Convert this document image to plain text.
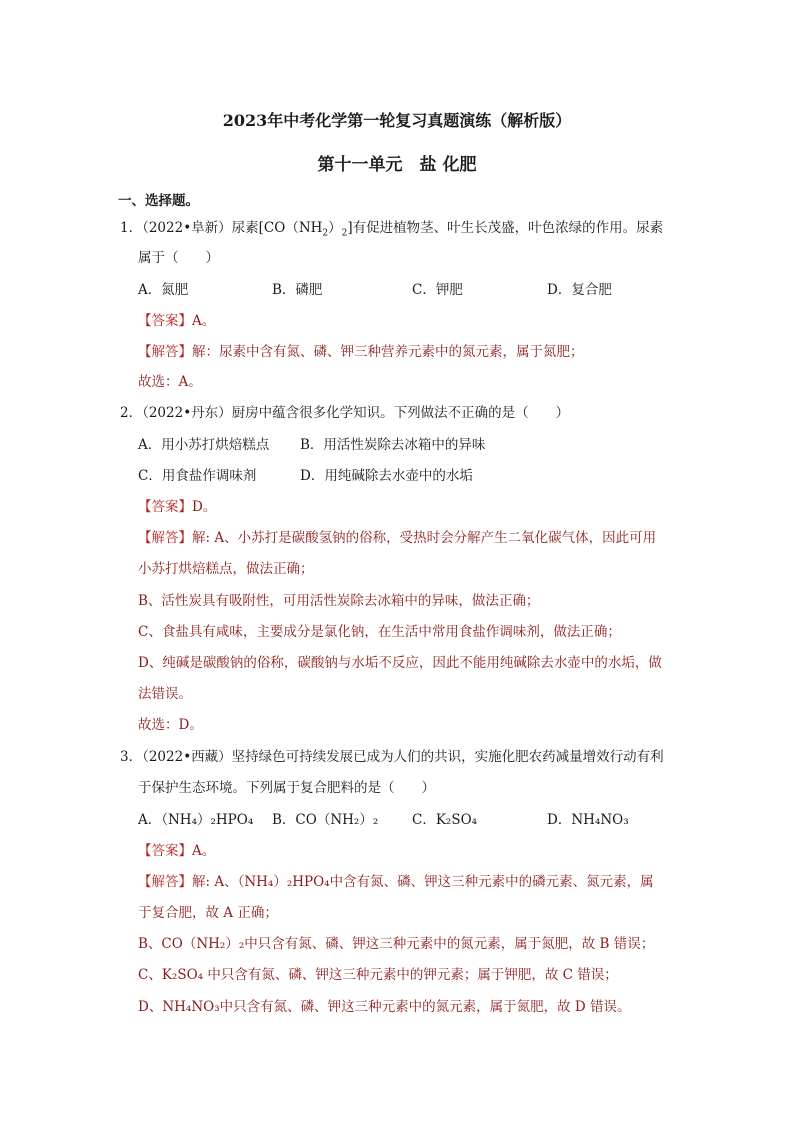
2023年中考化学第一轮复习真题演练（解析版）
第十一单元　盐 化肥
一、选择题。
1．（2022•阜新）尿素$[CO(NH_2)_2]$有促进植物茎、叶生长茂盛，叶色浓绿的作用。尿素
属于（　　）
A．氮肥	B．磷肥	C．钾肥	D．复合肥
【答案】A。
【解答】解：尿素中含有氮、磷、钾三种营养元素中的氮元素，属于氮肥；
故选：A。
2．（2022•丹东）厨房中蕴含很多化学知识。下列做法不正确的是（　　）
A．用小苏打烘焙糕点 B．用活性炭除去冰箱中的异味
C．用食盐作调味剂	D．用纯碱除去水壶中的水垢
【答案】D。
【解答】解: A、小苏打是碳酸氢钠的俗称，受热时会分解产生二氧化碳气体，因此可用
小苏打烘焙糕点，做法正确；
B、活性炭具有吸附性，可用活性炭除去冰箱中的异味，做法正确；
C、食盐具有咸味，主要成分是氯化钠，在生活中常用食盐作调味剂，做法正确；
D、纯碱是碳酸钠的俗称，碳酸钠与水垢不反应，因此不能用纯碱除去水壶中的水垢，做
法错误。
故选：D。
3．（2022•西藏）坚持绿色可持续发展已成为人们的共识，实施化肥农药减量增效行动有利
于保护生态环境。下列属于复合肥料的是（　　）
A．（NH₄）₂HPO₄ B．CO（NH₂）₂	C．K₂SO₄	D．NH₄NO₃
【答案】A。
【解答】解: A、（NH₄）₂HPO₄中含有氮、磷、钾这三种元素中的磷元素、氮元素，属
于复合肥，故 A 正确；
B、CO（NH₂）₂中只含有氮、磷、钾这三种元素中的氮元素，属于氮肥，故 B 错误；
C、K₂SO₄ 中只含有氮、磷、钾这三种元素中的钾元素；属于钾肥，故 C 错误；
D、NH₄NO₃中只含有氮、磷、钾这三种元素中的氮元素，属于氮肥，故 D 错误。
